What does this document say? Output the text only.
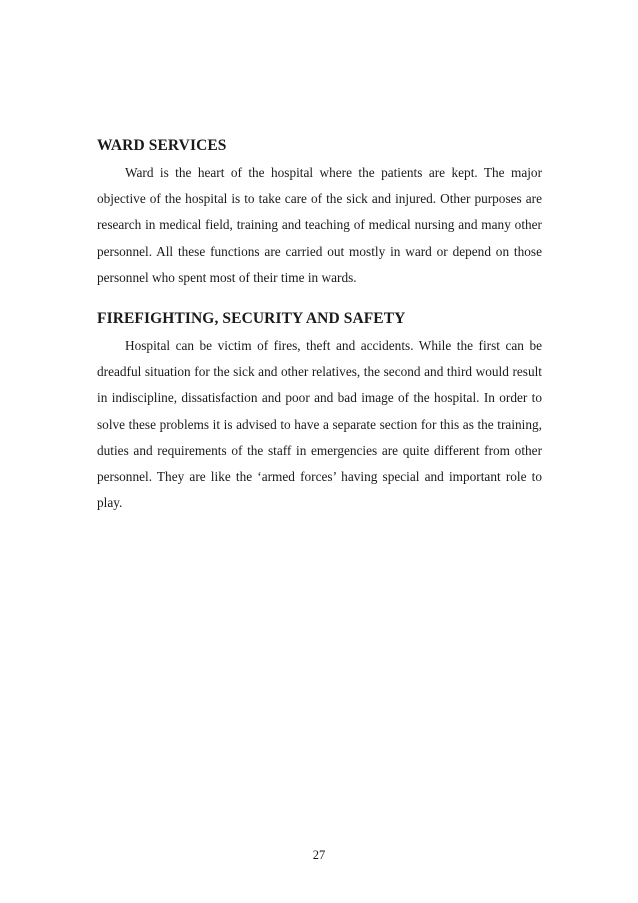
WARD SERVICES

Ward is the heart of the hospital where the patients are kept. The major objective of the hospital is to take care of the sick and injured. Other purposes are research in medical field, training and teaching of medical nursing and many other personnel. All these functions are carried out mostly in ward or depend on those personnel who spent most of their time in wards.

FIREFIGHTING, SECURITY AND SAFETY

Hospital can be victim of fires, theft and accidents. While the first can be dreadful situation for the sick and other relatives, the second and third would result in indiscipline, dissatisfaction and poor and bad image of the hospital. In order to solve these problems it is advised to have a separate section for this as the training, duties and requirements of the staff in emergencies are quite different from other personnel. They are like the ‘armed forces’ having special and important role to play.

27
